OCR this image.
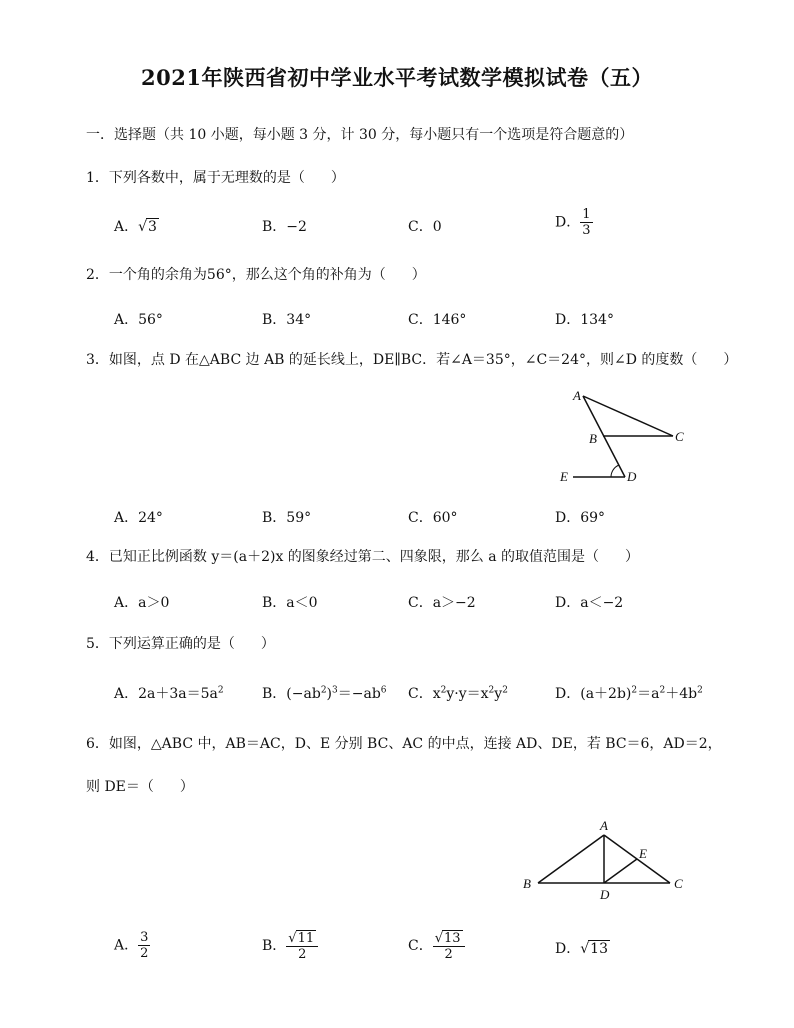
2021年陕西省初中学业水平考试数学模拟试卷（五）
一．选择题（共 10 小题，每小题 3 分，计 30 分，每小题只有一个选项是符合题意的）
1．下列各数中，属于无理数的是（ ）
A．√3	B．−2	C．0	D． $\frac{1}{3}$
2．一个角的余角为56°，那么这个角的补角为（ ）
A．56°	B．34°	C．146°	D．134°
3．如图，点 D 在△ABC 边 AB 的延长线上，DE∥BC．若∠A＝35°，∠C＝24°，则∠D 的度数（ ）
A
B	C
D
E
A．24°	B．59°	C．60°	D．69°
4．已知正比例函数 y＝(a＋2)x 的图象经过第二、四象限，那么 a 的取值范围是（ ）
A．a＞0	B．a＜0	C．a＞−2	D．a＜−2
5．下列运算正确的是（ ）
A．$2a+3a=5a^2$	B．$(-ab^2)^3=-ab^6$ C．$x^2y\cdot y=x^2y^2$	D．$(a+2b)^2=a^2+4b^2$
6．如图，△ABC 中，AB＝AC，D、E 分别 BC、AC 的中点，连接 AD、DE，若 BC＝6，AD＝2，
则 DE＝（ ）
A
B	C
D
E
A． $\frac{3}{2}$	B． $\frac{√11}{2}$	C． $\frac{√13}{2}$	D．√13
